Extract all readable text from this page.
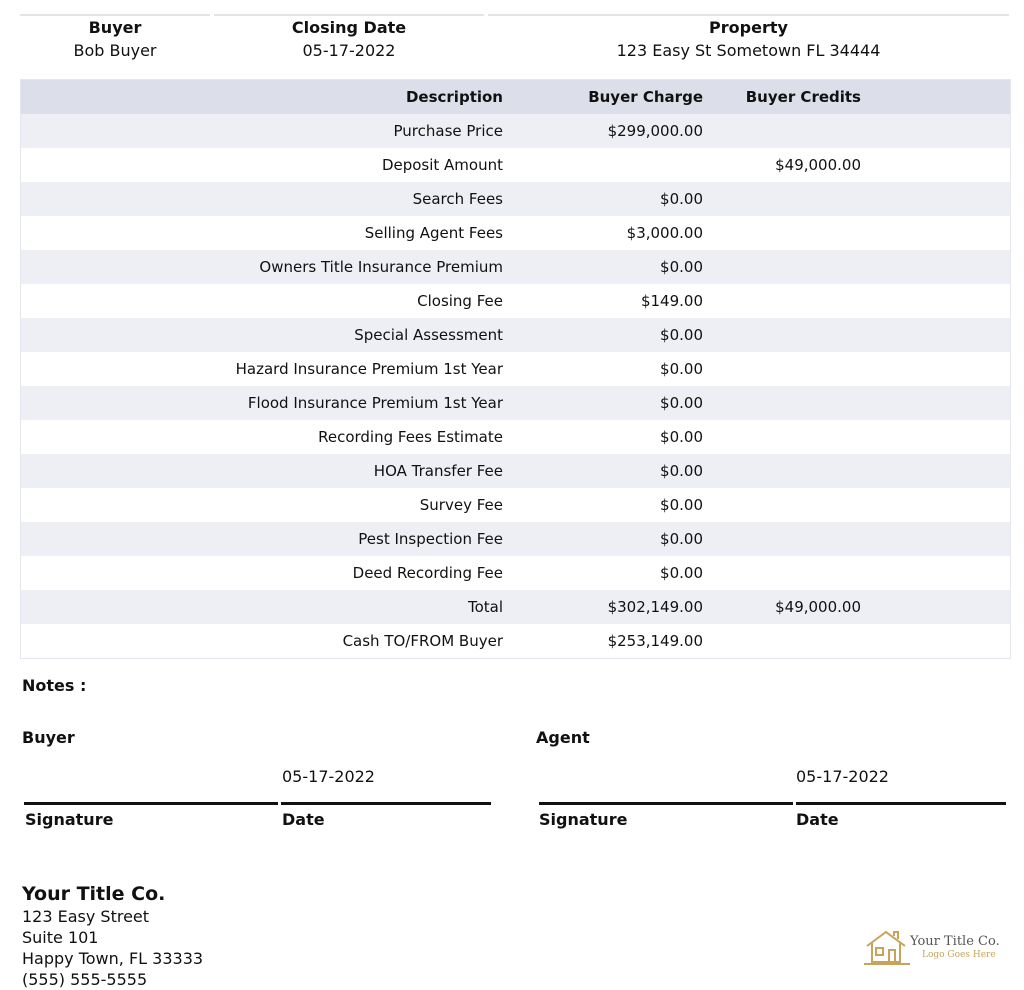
Buyer
Bob Buyer
Closing Date
05-17-2022
Property
123 Easy St Sometown FL 34444
Description	Buyer Charge	Buyer Credits	
Purchase Price	$299,000.00		
Deposit Amount		$49,000.00	
Search Fees	$0.00		
Selling Agent Fees	$3,000.00		
Owners Title Insurance Premium	$0.00		
Closing Fee	$149.00		
Special Assessment	$0.00		
Hazard Insurance Premium 1st Year	$0.00		
Flood Insurance Premium 1st Year	$0.00		
Recording Fees Estimate	$0.00		
HOA Transfer Fee	$0.00		
Survey Fee	$0.00		
Pest Inspection Fee	$0.00		
Deed Recording Fee	$0.00		
Total	$302,149.00	$49,000.00	
Cash TO/FROM Buyer	$253,149.00		
Notes :
Buyer
05-17-2022
Signature	Date
Agent
05-17-2022
Signature	Date
Your Title Co.
123 Easy Street
Suite 101
Happy Town, FL 33333
(555) 555-5555
Your Title Co.
Logo Goes Here
